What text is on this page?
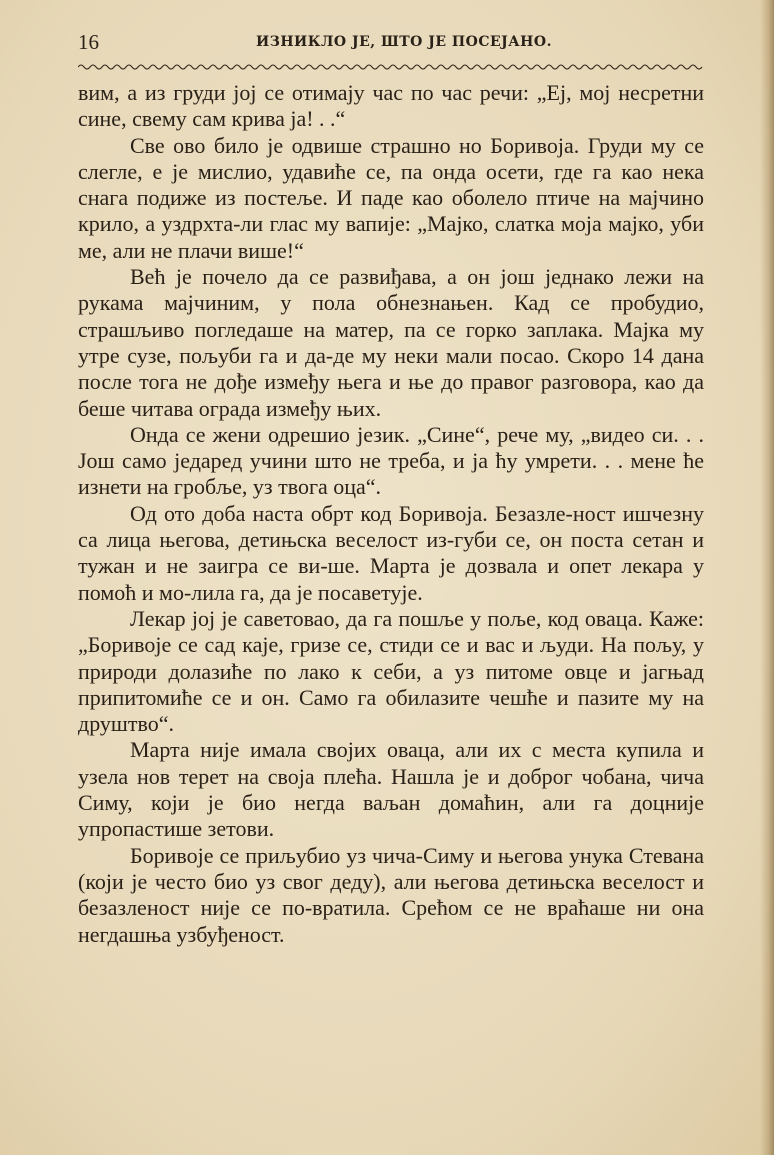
16	ИЗНИКЛО ЈЕ, ШТО ЈЕ ПОСЕЈАНО.

вим, а из груди јој се отимају час по час речи: „Еј, мој несретни сине, свему сам крива ја! . .“

Све ово било је одвише страшно но Боривоја. Груди му се слегле, е је мислио, удавиће се, па онда осети, где га као нека снага подиже из постеље. И паде као оболело птиче на мајчино крило, а уздрхта-ли глас му вапије: „Мајко, слатка моја мајко, уби ме, али не плачи више!“

Већ је почело да се развиђава, а он још једнако лежи на рукама мајчиним, у пола обнезнањен. Кад се пробудио, страшљиво погледаше на матер, па се горко заплака. Мајка му утре сузе, пољуби га и да-де му неки мали посао. Скоро 14 дана после тога не дође између њега и ње до правог разговора, као да беше читава ограда између њих.

Онда се жени одрешио језик. „Сине“, рече му, „видео си. . . Још само једаред учини што не треба, и ја ћу умрети. . . мене ће изнети на гробље, уз твога оца“.

Од ото доба наста обрт код Боривоја. Безазле-ност ишчезну са лица његова, детињска веселост из-губи се, он поста сетан и тужан и не заигра се ви-ше. Марта је дозвала и опет лекара у помоћ и мо-лила га, да је посаветује.

Лекар јој је саветовао, да га пошље у поље, код оваца. Каже: „Боривоје се сад каје, гризе се, стиди се и вас и људи. На пољу, у природи долазиће по лако к себи, а уз питоме овце и јагњад припитомиће се и он. Само га обилазите чешће и пазите му на друштво“.

Марта није имала својих оваца, али их с места купила и узела нов терет на своја плећа. Нашла је и доброг чобана, чича Симу, који је био негда ваљан домаћин, али га доцније упропастише зетови.

Боривоје се приљубио уз чича-Симу и његова унука Стевана (који је често био уз свог деду), али његова детињска веселост и безазленост није се по-вратила. Срећом се не враћаше ни она негдашња узбуђеност.
